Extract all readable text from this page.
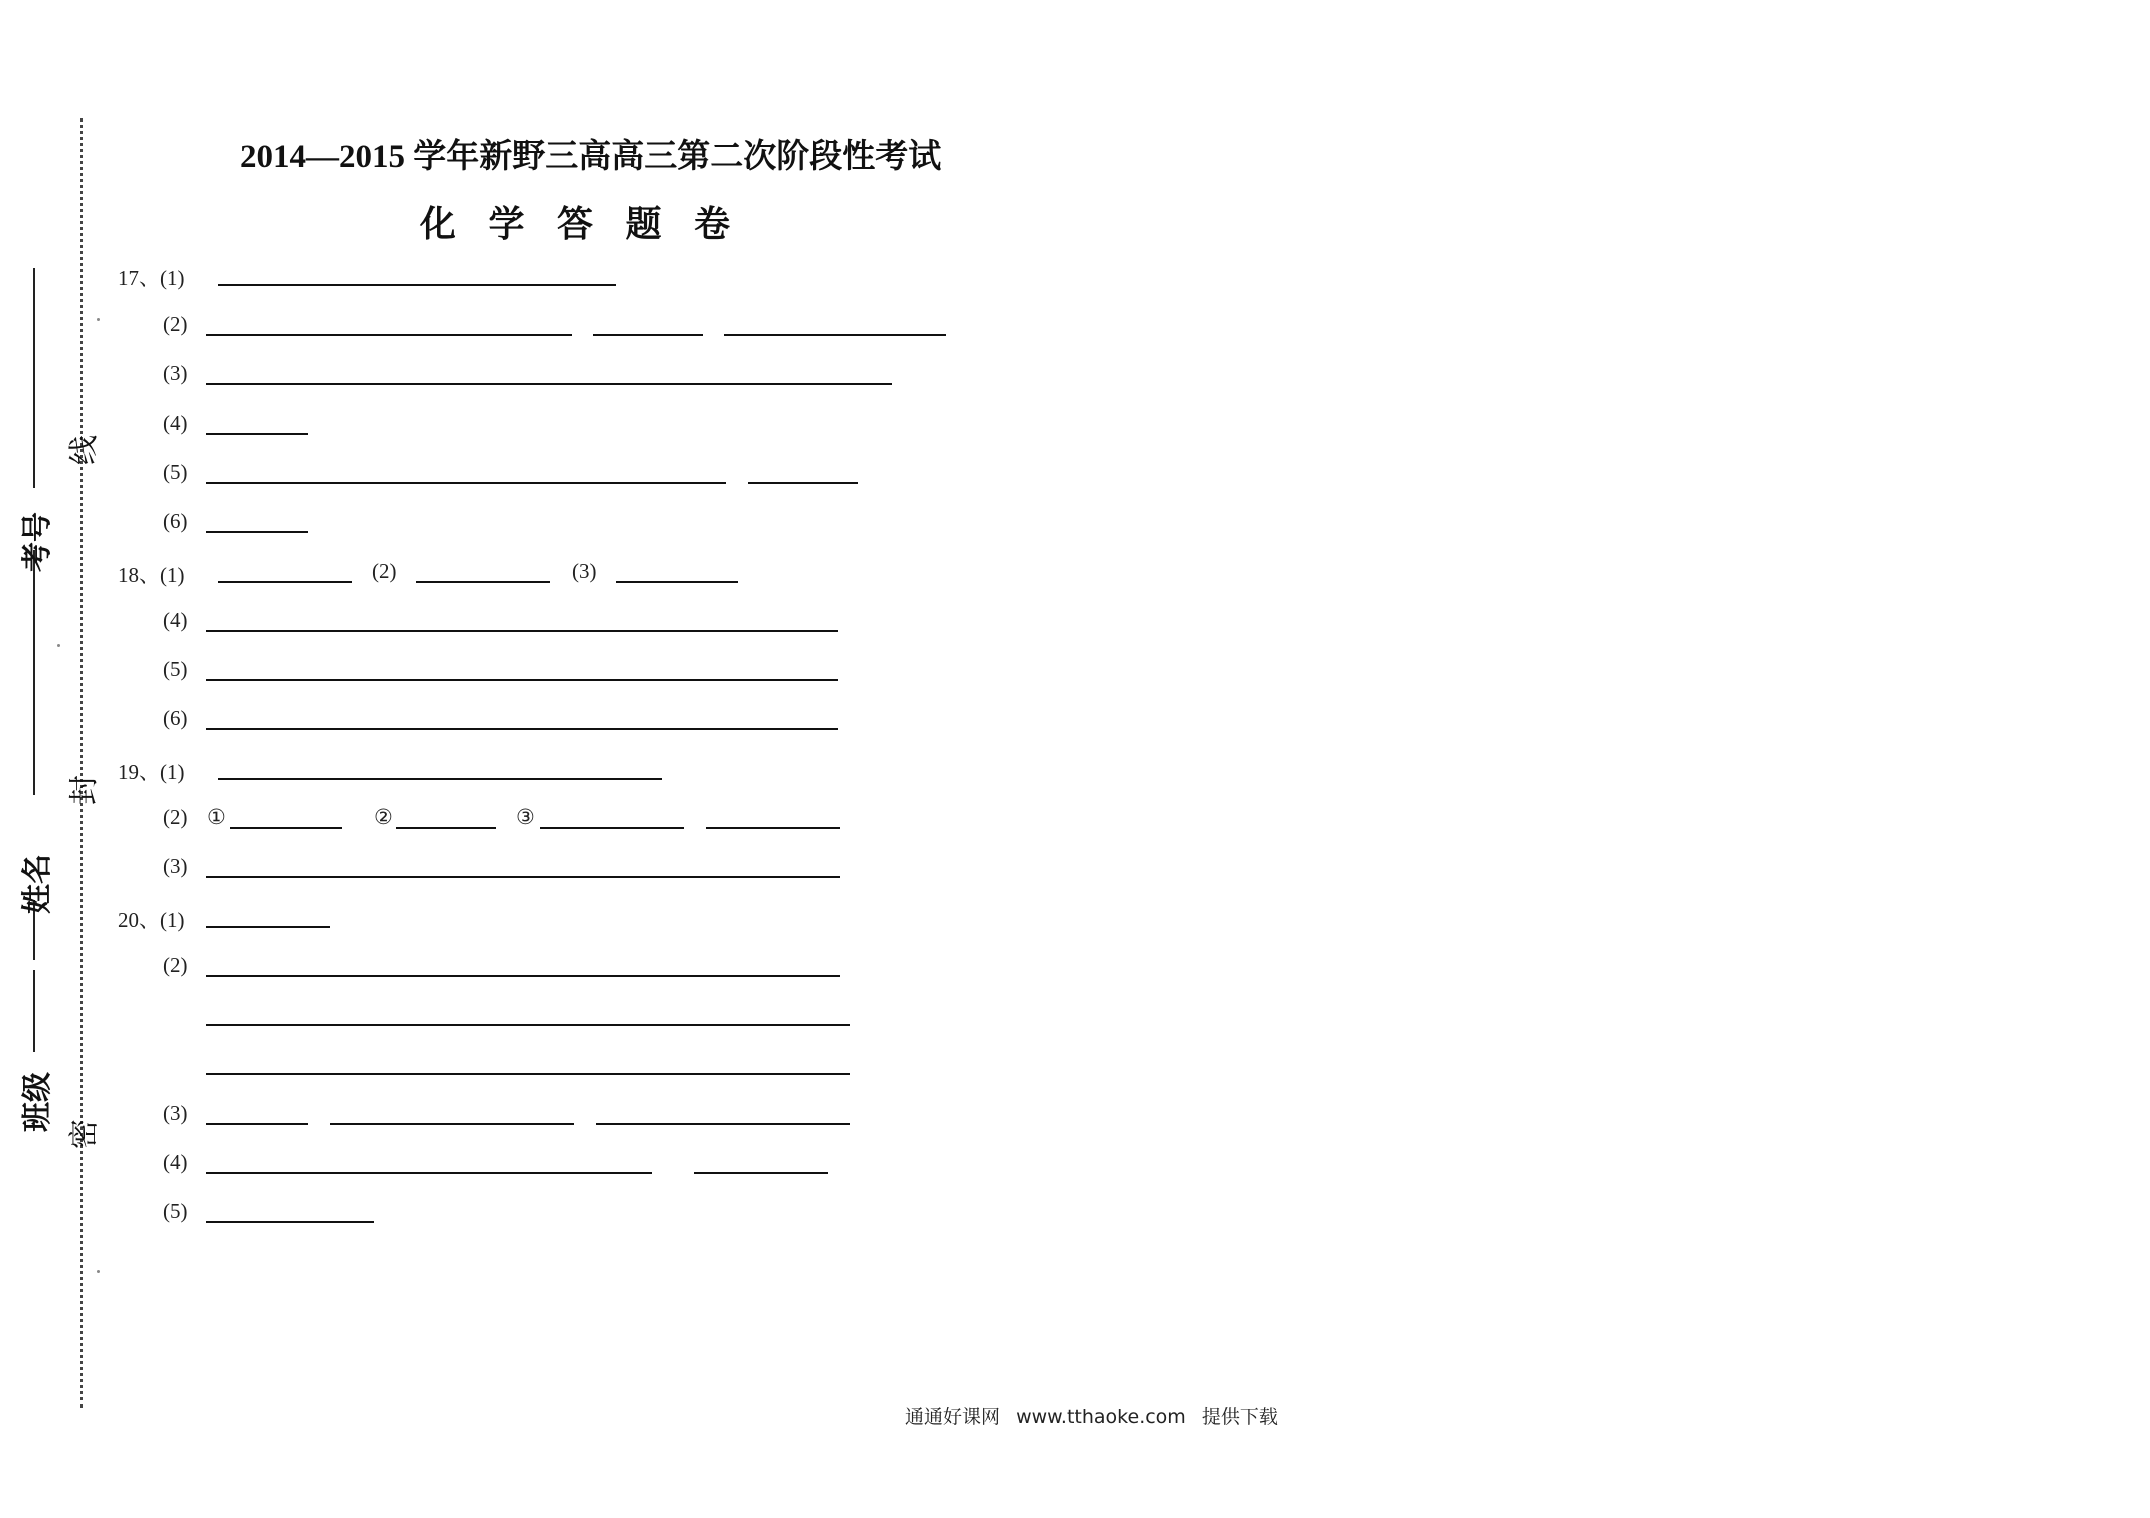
班级
姓名
考号
密
封
线
2014—2015 学年新野三高高三第二次阶段性考试
化 学 答 题 卷
17、(1)
(2)
(3)
(4)
(5)
(6)
18、(1)	(2)	(3)
(4)
(5)
(6)
19、(1)
(2) ①	②	③
(3)
20、(1)
(2)
(3)
(4)
(5)
通通好课网 www.tthaoke.com 提供下载
